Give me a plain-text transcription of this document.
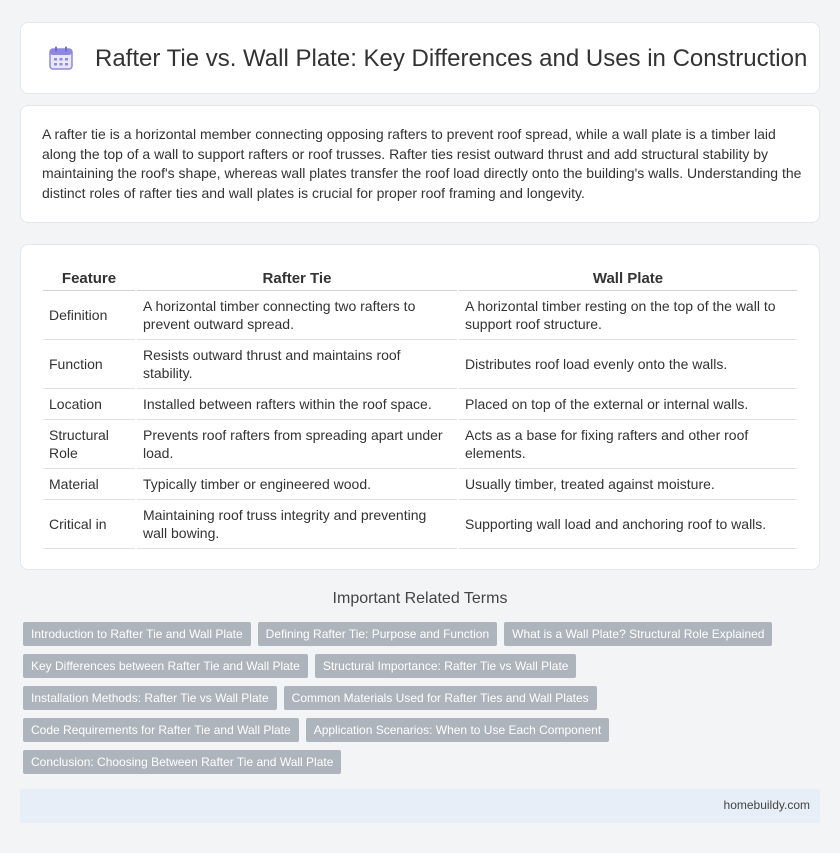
Rafter Tie vs. Wall Plate: Key Differences and Uses in Construction

A rafter tie is a horizontal member connecting opposing rafters to prevent roof spread, while a wall plate is a timber laid along the top of a wall to support rafters or roof trusses. Rafter ties resist outward thrust and add structural stability by maintaining the roof's shape, whereas wall plates transfer the roof load directly onto the building's walls. Understanding the distinct roles of rafter ties and wall plates is crucial for proper roof framing and longevity.

Feature	Rafter Tie	Wall Plate
Definition	A horizontal timber connecting two rafters to prevent outward spread.	A horizontal timber resting on the top of the wall to support roof structure.
Function	Resists outward thrust and maintains roof stability.	Distributes roof load evenly onto the walls.
Location	Installed between rafters within the roof space.	Placed on top of the external or internal walls.
Structural Role	Prevents roof rafters from spreading apart under load.	Acts as a base for fixing rafters and other roof elements.
Material	Typically timber or engineered wood.	Usually timber, treated against moisture.
Critical in	Maintaining roof truss integrity and preventing wall bowing.	Supporting wall load and anchoring roof to walls.
Important Related Terms
Introduction to Rafter Tie and Wall Plate	Defining Rafter Tie: Purpose and Function	What is a Wall Plate? Structural Role Explained
Key Differences between Rafter Tie and Wall Plate	Structural Importance: Rafter Tie vs Wall Plate
Installation Methods: Rafter Tie vs Wall Plate	Common Materials Used for Rafter Ties and Wall Plates
Code Requirements for Rafter Tie and Wall Plate	Application Scenarios: When to Use Each Component
Conclusion: Choosing Between Rafter Tie and Wall Plate
homebuildy.com
